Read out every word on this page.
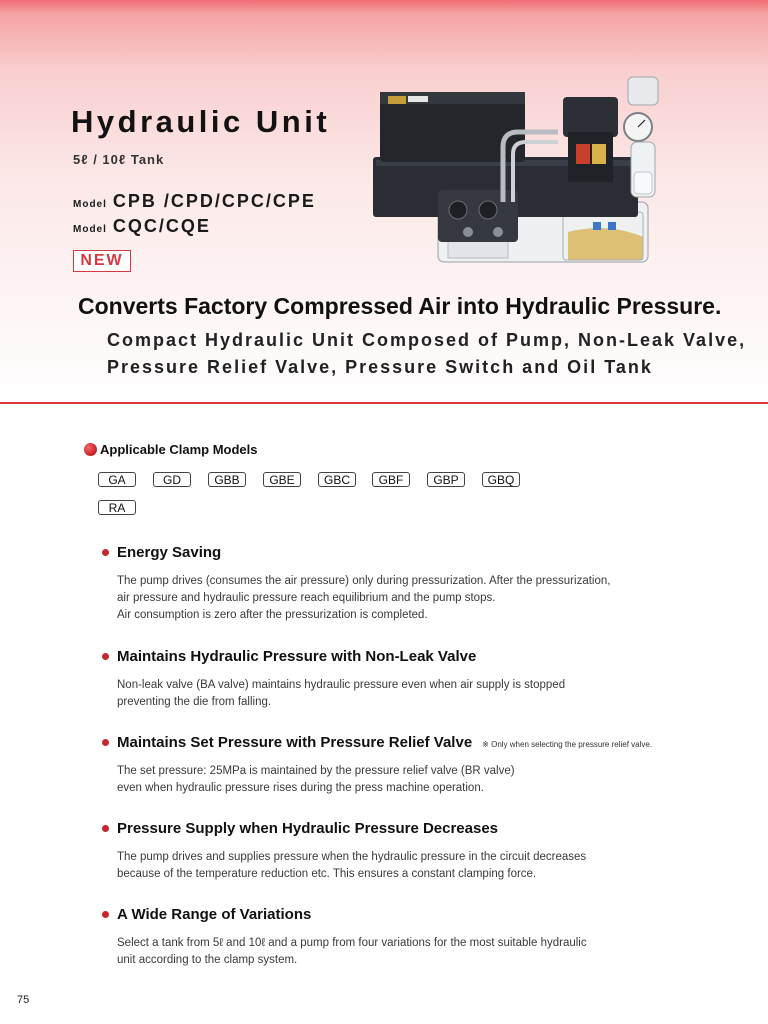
Hydraulic Unit
5ℓ / 10ℓ Tank
Model CPB /CPD/CPC/CPE
Model CQC/CQE
NEW
Converts Factory Compressed Air into Hydraulic Pressure.
Compact Hydraulic Unit Composed of Pump, Non-Leak Valve,
Pressure Relief Valve, Pressure Switch and Oil Tank
Applicable Clamp Models
GA	GD	GBB	GBE	GBC	GBF	GBP	GBQ
RA
Energy Saving
The pump drives (consumes the air pressure) only during pressurization. After the pressurization,
air pressure and hydraulic pressure reach equilibrium and the pump stops.
Air consumption is zero after the pressurization is completed.
Maintains Hydraulic Pressure with Non-Leak Valve
Non-leak valve (BA valve) maintains hydraulic pressure even when air supply is stopped
preventing the die from falling.
Maintains Set Pressure with Pressure Relief Valve ※ Only when selecting the pressure relief valve.
The set pressure: 25MPa is maintained by the pressure relief valve (BR valve)
even when hydraulic pressure rises during the press machine operation.
Pressure Supply when Hydraulic Pressure Decreases
The pump drives and supplies pressure when the hydraulic pressure in the circuit decreases
because of the temperature reduction etc. This ensures a constant clamping force.
A Wide Range of Variations
Select a tank from 5ℓ and 10ℓ and a pump from four variations for the most suitable hydraulic
unit according to the clamp system.
75
